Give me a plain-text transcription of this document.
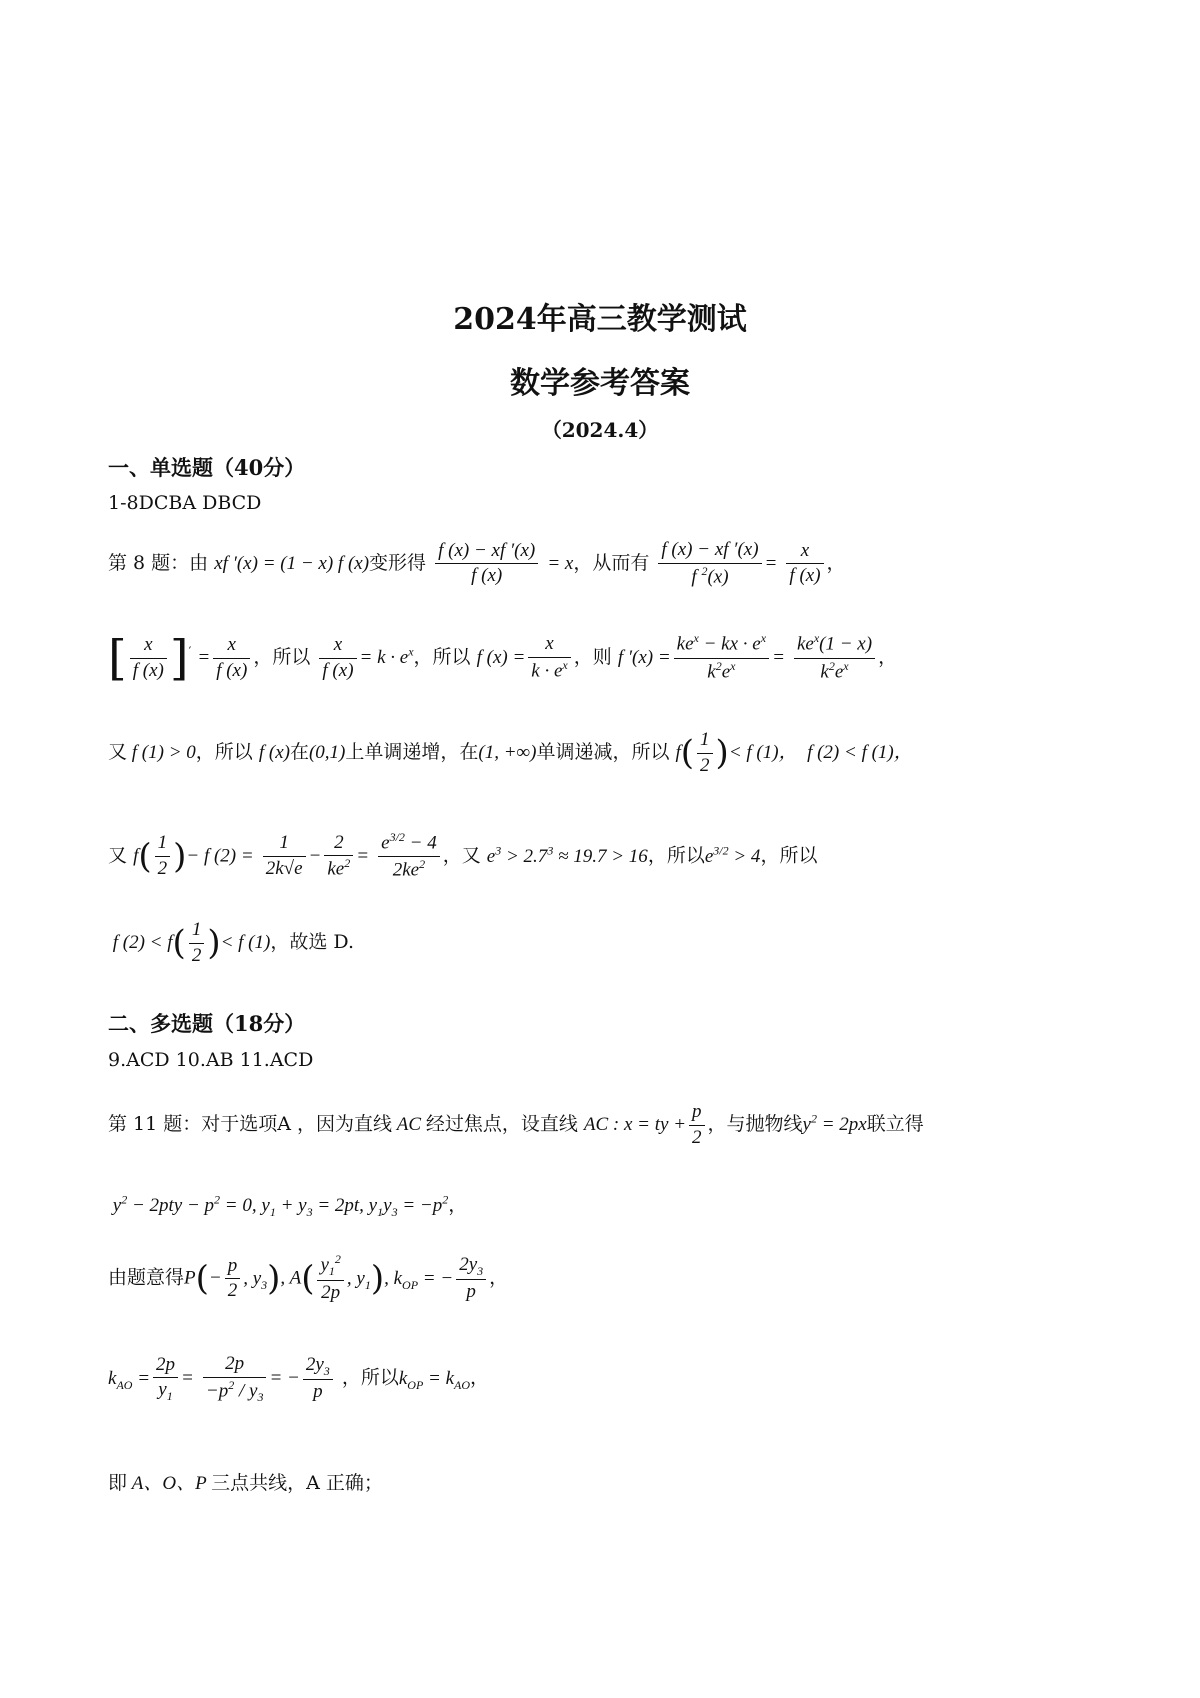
2024年高三教学测试
数学参考答案
（2024.4）
一、单选题（40分）
1-8DCBA DBCD
第 8 题：由 xf ′(x) = (1 − x) f (x)变形得 $\frac{f (x) - xf '(x)}{f (x)} = x$，从而有 $\frac{f (x) - xf '(x)}{f ^2(x)} = \frac{x}{f (x)}$ ，
[ $\frac{x}{f (x)} ]' = \frac{x}{f (x)}$ ，所以 $\frac{x}{f (x)} = k \cdot e^x$，所以 f $(x) = \frac{x}{k \cdot e^x}$ ，则 f $'(x) = \frac{ke^x - kx \cdot e^x}{k^2e^x} = \frac{ke^x(1 - x)}{k^2e^x}$ ，
又 f (1) > 0，所以 f (x)在(0,1)上单调递增，在(1, +∞)单调递减，所以 $f( \frac{1}{2}$ )< f (1)，  f (2) < f (1)，
又 $f( \frac{1}{2}$ )− f $(2) = \frac{1}{2k√e} - \frac{2}{ke^2} = \frac{e^{3/2} - 4}{2ke^2}$ ，又 $e^3 > 2.7^3 \approx 19.7 > 16$，所以$e^{3/2} > 4$，所以
f $(2) < f( \frac{1}{2}$ )< f (1)，故选 D.
二、多选题（18分）
9.ACD 10.AB 11.ACD
第 11 题：对于选项A ，因为直线 AC 经过焦点，设直线 AC : x = ty + $\frac{p}{2}$ ，与抛物线$y^2 = 2px$联立得
$y^2 - 2pty - p^2 = 0$, $y_1 + y_3 = 2pt$, $y_1y_3 = -p^2$，
由题意得$P(- \frac{p}{2}$ , $y_3$), $A( \frac{y_1^2}{2p}$ , $y_1$), $k_{OP}$ = − $\frac{2y_3}{p}$ ，
$k_{AO} = \frac{2p}{y_1} = \frac{2p}{-p^2 / y_3}$ = − $\frac{2y_3}{p}$ ，所以$k_{OP} = k_{AO}$，
即 A、O、P 三点共线，A 正确；
